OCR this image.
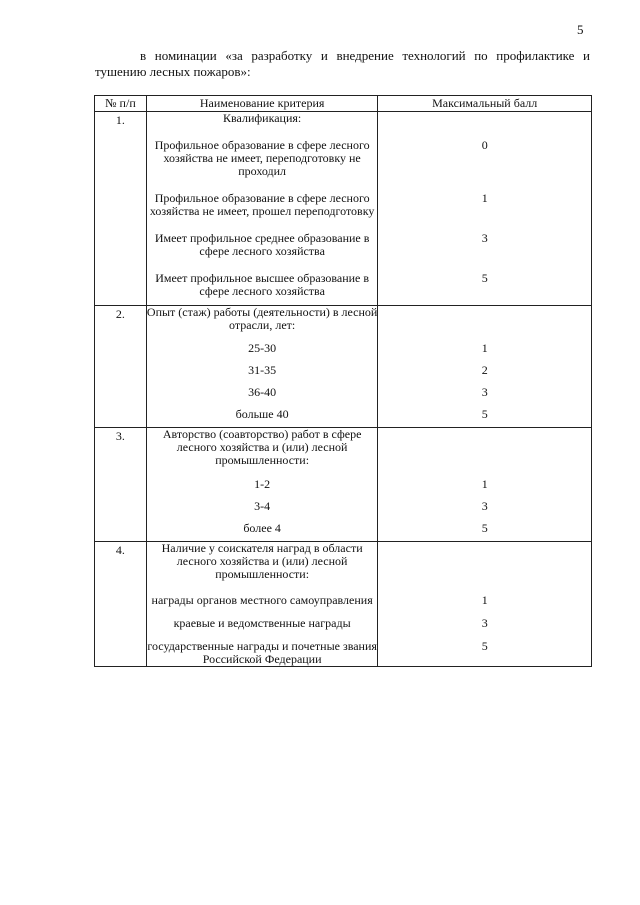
5
в номинации «за разработку и внедрение технологий по профилактике и тушению лесных пожаров»:
№ п/п	Наименование критерия	Максимальный балл
1.	Квалификация:	
	Профильное образование в сфере лесного хозяйства не имеет, переподготовку не проходил	0
	Профильное образование в сфере лесного хозяйства не имеет, прошел переподготовку	1
	Имеет профильное среднее образование в сфере лесного хозяйства	3
	Имеет профильное высшее образование в сфере лесного хозяйства	5
2.	Опыт (стаж) работы (деятельности) в лесной отрасли, лет:	
	25-30	1
	31-35	2
	36-40	3
	больше 40	5
3.	Авторство (соавторство) работ в сфере лесного хозяйства и (или) лесной промышленности:	
	1-2	1
	3-4	3
	более 4	5
4.	Наличие у соискателя наград в области лесного хозяйства и (или) лесной промышленности:	
	награды органов местного самоуправления	1
	краевые и ведомственные награды	3
	государственные награды и почетные звания Российской Федерации	5
